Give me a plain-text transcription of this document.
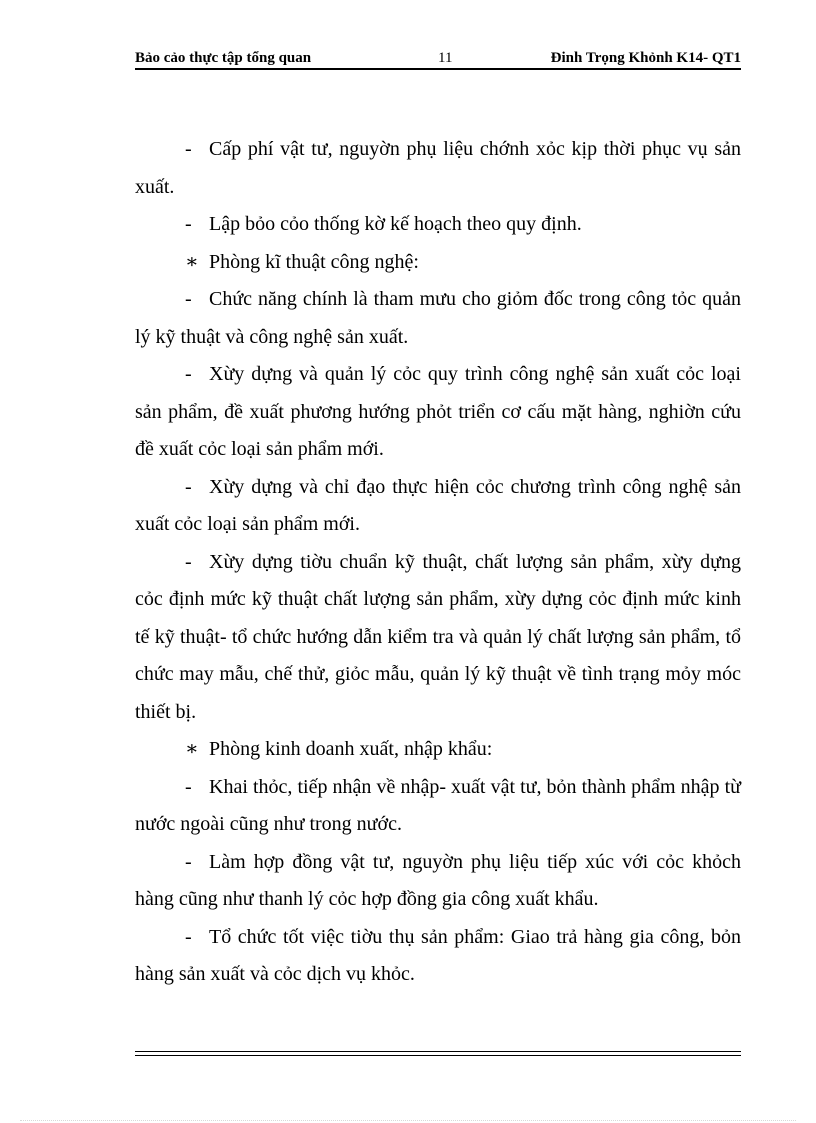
Bảo cảo thực tập tổng quan	11	Đinh Trọng Khỏnh K14- QT1

- Cấp phí vật tư, nguyờn phụ liệu chớnh xỏc kịp thời phục vụ sản xuất.

- Lập bỏo cỏo thống kờ kế hoạch theo quy định.

∗ Phòng kĩ thuật công nghệ:

- Chức năng chính là tham mưu cho giỏm đốc trong công tỏc quản lý kỹ thuật và công nghệ sản xuất.

- Xừy dựng và quản lý cỏc quy trình công nghệ sản xuất cỏc loại sản phẩm, đề xuất phương hướng phỏt triển cơ cấu mặt hàng, nghiờn cứu đề xuất cỏc loại sản phẩm mới.

- Xừy dựng và chỉ đạo thực hiện cỏc chương trình công nghệ sản xuất cỏc loại sản phẩm mới.

- Xừy dựng tiờu chuẩn kỹ thuật, chất lượng sản phẩm, xừy dựng cỏc định mức kỹ thuật chất lượng sản phẩm, xừy dựng cỏc định mức kinh tế kỹ thuật- tổ chức hướng dẫn kiểm tra và quản lý chất lượng sản phẩm, tổ chức may mẫu, chế thử, giỏc mẫu, quản lý kỹ thuật về tình trạng mỏy móc thiết bị.

∗ Phòng kinh doanh xuất, nhập khẩu:

- Khai thỏc, tiếp nhận về nhập- xuất vật tư, bỏn thành phẩm nhập từ nước ngoài cũng như trong nước.

- Làm hợp đồng vật tư, nguyờn phụ liệu tiếp xúc với cỏc khỏch hàng cũng như thanh lý cỏc hợp đồng gia công xuất khẩu.

- Tổ chức tốt việc tiờu thụ sản phẩm: Giao trả hàng gia công, bỏn hàng sản xuất và cỏc dịch vụ khỏc.
